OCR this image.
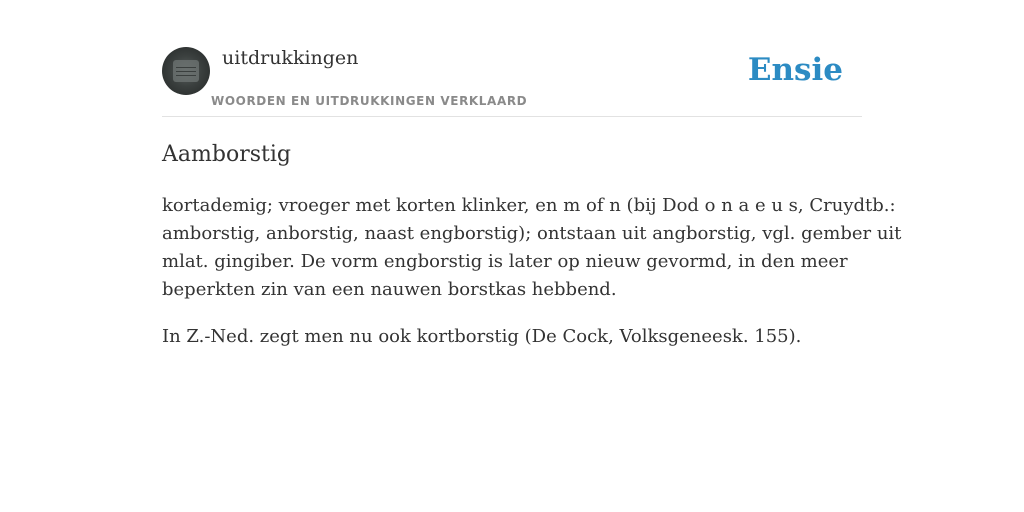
uitdrukkingen
WOORDEN EN UITDRUKKINGEN VERKLAARD
Ensie
Aamborstig

kortademig; vroeger met korten klinker, en m of n (bij Dod o n a e u s, Cruydtb.:
amborstig, anborstig, naast engborstig); ontstaan uit angborstig, vgl. gember uit
mlat. gingiber. De vorm engborstig is later op nieuw gevormd, in den meer
beperkten zin van een nauwen borstkas hebbend.

In Z.-Ned. zegt men nu ook kortborstig (De Cock, Volksgeneesk. 155).
